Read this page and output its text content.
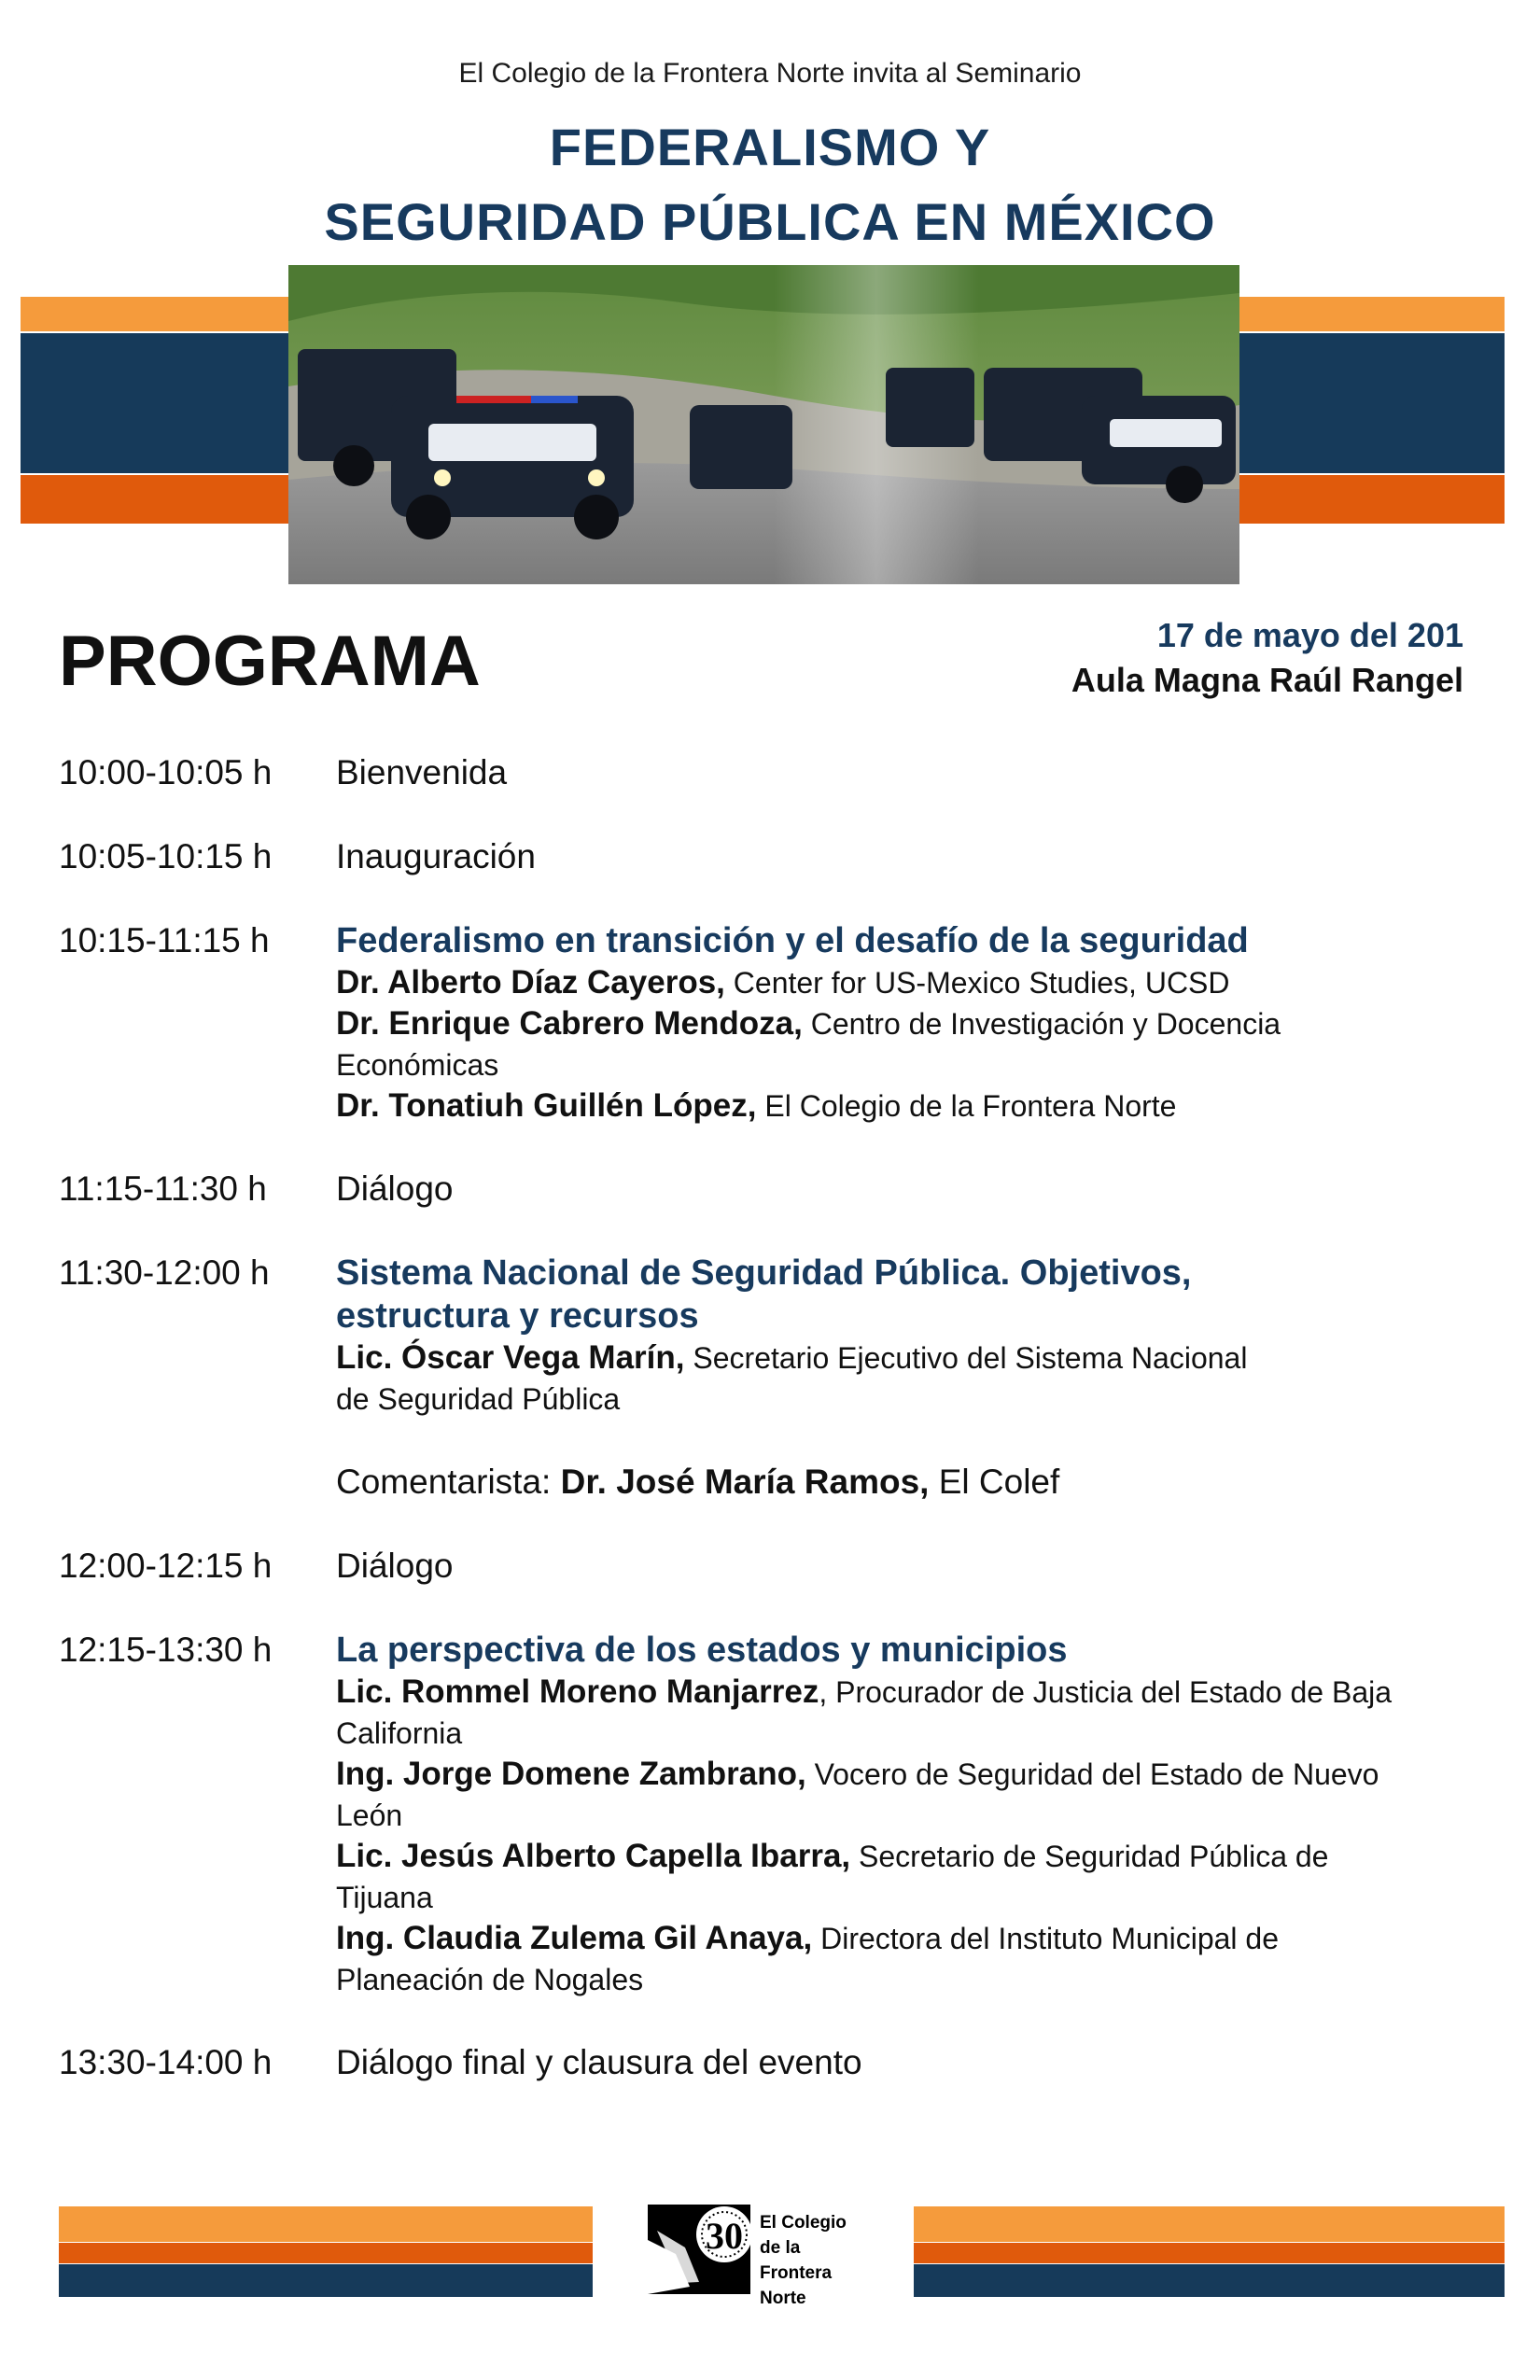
El Colegio de la Frontera Norte invita al Seminario
FEDERALISMO Y
SEGURIDAD PÚBLICA EN MÉXICO
PROGRAMA	17 de mayo del 201
Aula Magna Raúl Rangel
10:00-10:05 h	Bienvenida
10:05-10:15 h	Inauguración
10:15-11:15 h	Federalismo en transición y el desafío de la seguridad
Dr. Alberto Díaz Cayeros, Center for US-Mexico Studies, UCSD
Dr. Enrique Cabrero Mendoza, Centro de Investigación y Docencia Económicas
Dr. Tonatiuh Guillén López, El Colegio de la Frontera Norte
11:15-11:30 h	Diálogo
11:30-12:00 h	Sistema Nacional de Seguridad Pública. Objetivos, estructura y recursos
Lic. Óscar Vega Marín, Secretario Ejecutivo del Sistema Nacional de Seguridad Pública
Comentarista: Dr. José María Ramos, El Colef
12:00-12:15 h	Diálogo
12:15-13:30 h	La perspectiva de los estados y municipios
Lic. Rommel Moreno Manjarrez, Procurador de Justicia del Estado de Baja California
Ing. Jorge Domene Zambrano, Vocero de Seguridad del Estado de Nuevo León
Lic. Jesús Alberto Capella Ibarra, Secretario de Seguridad Pública de Tijuana
Ing. Claudia Zulema Gil Anaya, Directora del Instituto Municipal de Planeación de Nogales
13:30-14:00 h	Diálogo final y clausura del evento
30 El Colegio
de la Frontera
Norte
